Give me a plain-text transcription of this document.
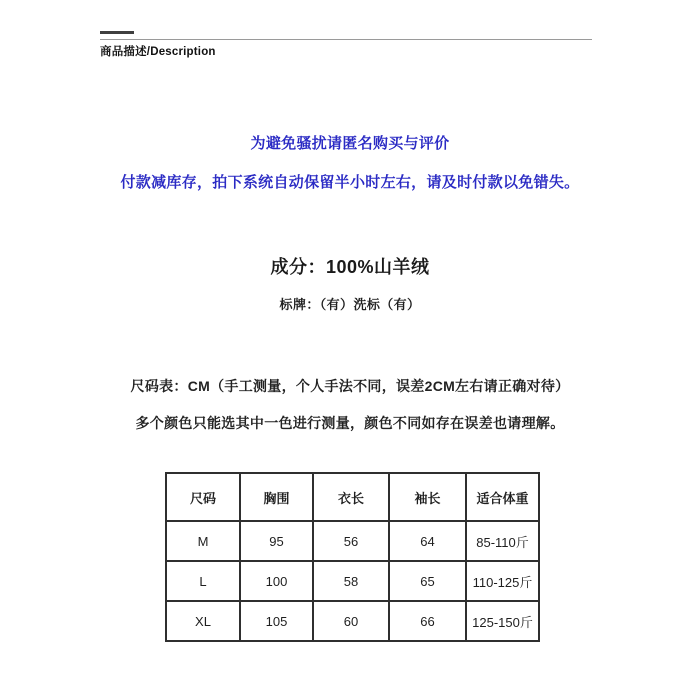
商品描述/Description
为避免骚扰请匿名购买与评价
付款减库存，拍下系统自动保留半小时左右，请及时付款以免错失。
成分：100%山羊绒
标牌：（有）洗标（有）
尺码表：CM（手工测量，个人手法不同，误差2CM左右请正确对待）
多个颜色只能选其中一色进行测量，颜色不同如存在误差也请理解。
尺码	胸围	衣长	袖长	适合体重
M	95	56	64	85-110斤
L	100	58	65	110-125斤
XL	105	60	66	125-150斤
